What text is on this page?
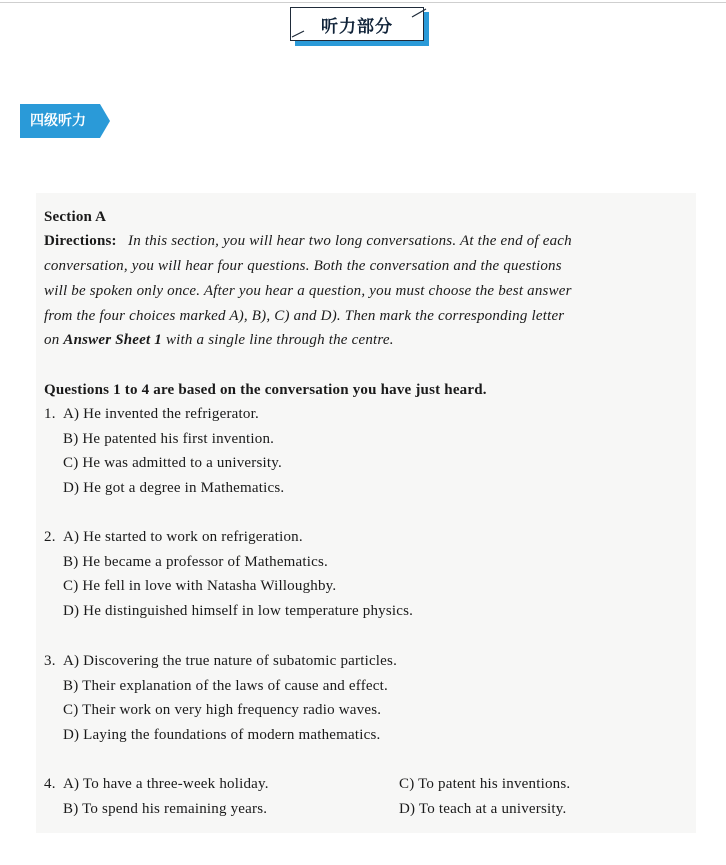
听力部分
四级听力
Section A
Directions: In this section, you will hear two long conversations. At the end of each
conversation, you will hear four questions. Both the conversation and the questions
will be spoken only once. After you hear a question, you must choose the best answer
from the four choices marked A), B), C) and D). Then mark the corresponding letter
on Answer Sheet 1 with a single line through the centre.
Questions 1 to 4 are based on the conversation you have just heard.
1. A) He invented the refrigerator.
B) He patented his first invention.
C) He was admitted to a university.
D) He got a degree in Mathematics.
2. A) He started to work on refrigeration.
B) He became a professor of Mathematics.
C) He fell in love with Natasha Willoughby.
D) He distinguished himself in low temperature physics.
3. A) Discovering the true nature of subatomic particles.
B) Their explanation of the laws of cause and effect.
C) Their work on very high frequency radio waves.
D) Laying the foundations of modern mathematics.
4. A) To have a three-week holiday.
B) To spend his remaining years.
C) To patent his inventions.
D) To teach at a university.
